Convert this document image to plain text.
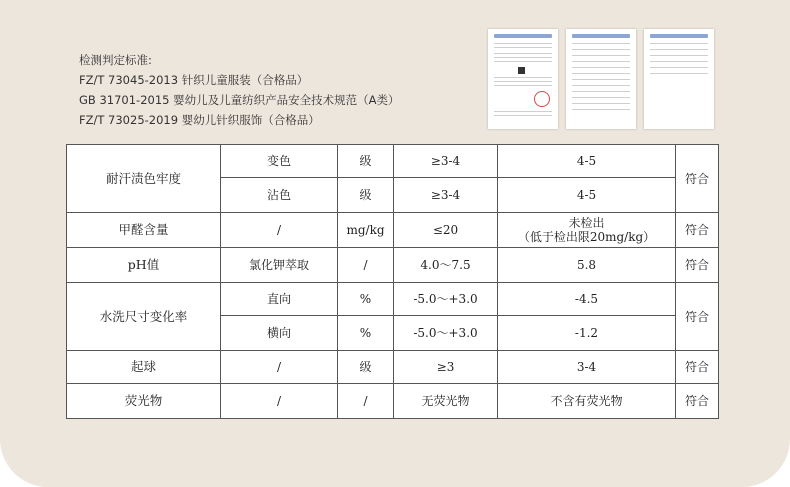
检测判定标准:
FZ/T 73045-2013 针织儿童服装（合格品）
GB 31701-2015 婴幼儿及儿童纺织产品安全技术规范（A类）
FZ/T 73025-2019 婴幼儿针织服饰（合格品）
耐汗渍色牢度	变色	级	≥3-4	4-5	符合
	沾色	级	≥3-4	4-5	
甲醛含量	/	mg/kg	≤20	未检出
（低于检出限20mg/kg）	符合
pH值	氯化钾萃取	/	4.0～7.5	5.8	符合
水洗尺寸变化率	直向	%	-5.0～+3.0	-4.5	符合
	横向	%	-5.0～+3.0	-1.2	
起球	/	级	≥3	3-4	符合
荧光物	/	/	无荧光物	不含有荧光物	符合
